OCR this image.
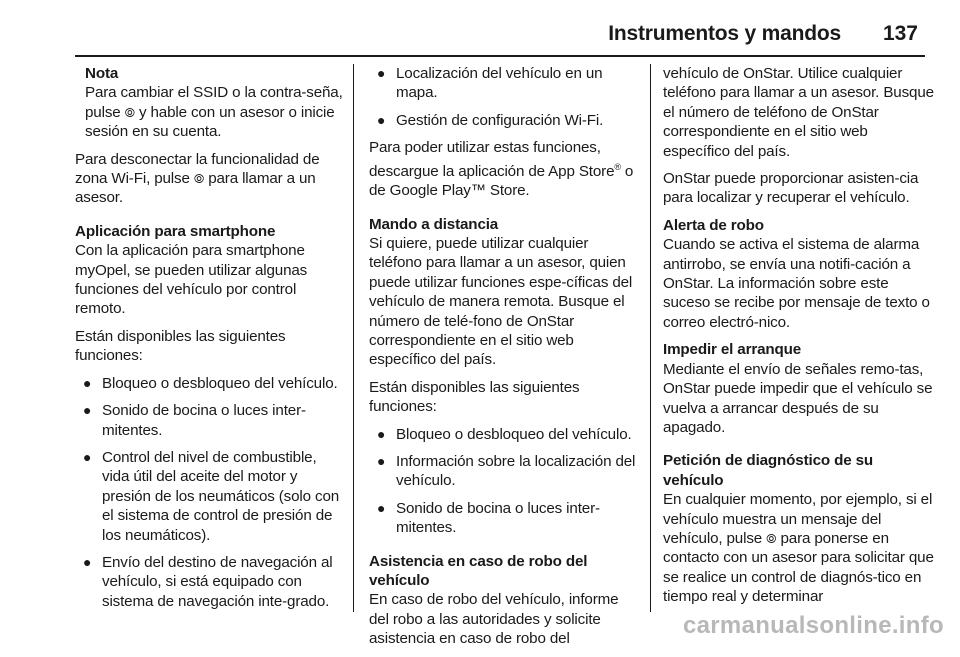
Instrumentos y mandos 137
Nota
Para cambiar el SSID o la contra-seña, pulse ⦾ y hable con un asesor o inicie sesión en su cuenta.

Para desconectar la funcionalidad de zona Wi-Fi, pulse ⦾ para llamar a un asesor.

Aplicación para smartphone

Con la aplicación para smartphone myOpel, se pueden utilizar algunas funciones del vehículo por control remoto.

Están disponibles las siguientes funciones:

● Bloqueo o desbloqueo del vehículo.
● Sonido de bocina o luces inter-mitentes.
● Control del nivel de combustible, vida útil del aceite del motor y presión de los neumáticos (solo con el sistema de control de presión de los neumáticos).
● Envío del destino de navegación al vehículo, si está equipado con sistema de navegación inte-grado.
● Localización del vehículo en un mapa.
● Gestión de configuración Wi-Fi.

Para poder utilizar estas funciones, descargue la aplicación de App Store® o de Google Play™ Store.

Mando a distancia

Si quiere, puede utilizar cualquier teléfono para llamar a un asesor, quien puede utilizar funciones espe-cíficas del vehículo de manera remota. Busque el número de telé-fono de OnStar correspondiente en el sitio web específico del país.

Están disponibles las siguientes funciones:

● Bloqueo o desbloqueo del vehículo.
● Información sobre la localización del vehículo.
● Sonido de bocina o luces inter-mitentes.
Asistencia en caso de robo del vehículo

En caso de robo del vehículo, informe del robo a las autoridades y solicite asistencia en caso de robo del

vehículo de OnStar. Utilice cualquier teléfono para llamar a un asesor. Busque el número de teléfono de OnStar correspondiente en el sitio web específico del país.

OnStar puede proporcionar asisten-cia para localizar y recuperar el vehículo.

Alerta de robo

Cuando se activa el sistema de alarma antirrobo, se envía una notifi-cación a OnStar. La información sobre este suceso se recibe por mensaje de texto o correo electró-nico.

Impedir el arranque

Mediante el envío de señales remo-tas, OnStar puede impedir que el vehículo se vuelva a arrancar después de su apagado.

Petición de diagnóstico de su vehículo

En cualquier momento, por ejemplo, si el vehículo muestra un mensaje del vehículo, pulse ⦾ para ponerse en contacto con un asesor para solicitar que se realice un control de diagnós-tico en tiempo real y determinar

carmanualsonline.info
